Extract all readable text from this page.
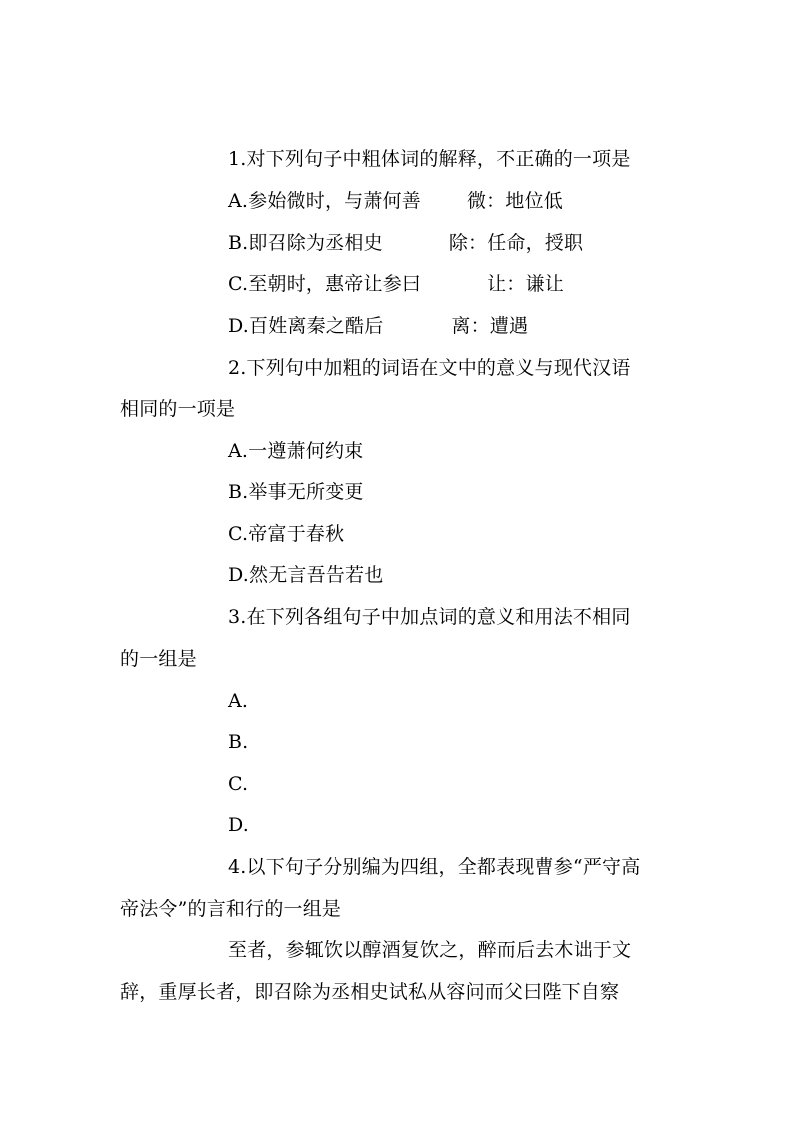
1.对下列句子中粗体词的解释，不正确的一项是
A.参始微时，与萧何善 微：地位低
B.即召除为丞相史	除：任命，授职
C.至朝时，惠帝让参曰	让：谦让
D.百姓离秦之酷后	离：遭遇
2.下列句中加粗的词语在文中的意义与现代汉语
相同的一项是
A.一遵萧何约束
B.举事无所变更
C.帝富于春秋
D.然无言吾告若也
3.在下列各组句子中加点词的意义和用法不相同
的一组是
A.
B.
C.
D.
4.以下句子分别编为四组，全都表现曹参“严守高
帝法令”的言和行的一组是
至者，参辄饮以醇酒复饮之，醉而后去木诎于文
辞，重厚长者，即召除为丞相史试私从容问而父曰陛下自察
